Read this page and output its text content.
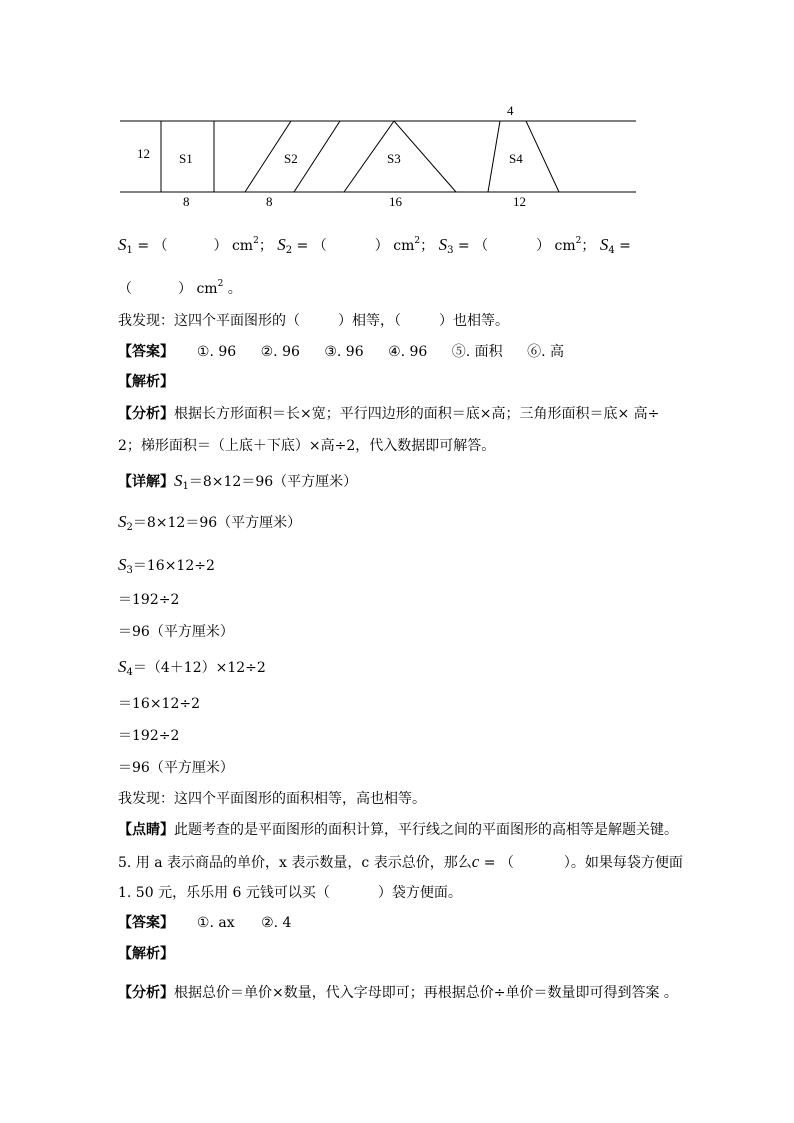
4
12 S1	S2	S3	S4
8	8	16	12
$S_1$ = （	） $cm^2$； $S_2$ = （	） $cm^2$； $S_3$ = （	） $cm^2$； $S_4$ =
（	） $cm^2$ 。
我发现：这四个平面图形的（	）相等，（	）也相等。
【答案】 ①. 96 ②. 96 ③. 96 ④. 96 ⑤. 面积 ⑥. 高
【解析】
【分析】根据长方形面积＝长×宽；平行四边形的面积＝底×高；三角形面积＝底× 高÷
2；梯形面积＝（上底＋下底）×高÷2，代入数据即可解答。
【详解】$S_1=8\times 12=96$（平方厘米）
$S_2=8\times 12=96$（平方厘米）
$S_3=16\times 12\div 2$
＝192÷2
＝96（平方厘米）
$S_4=(4+12)\times 12\div 2$
＝16×12÷2
＝192÷2
＝96（平方厘米）
我发现：这四个平面图形的面积相等，高也相等。
【点睛】此题考查的是平面图形的面积计算，平行线之间的平面图形的高相等是解题关键。
5. 用 a 表示商品的单价，x 表示数量，c 表示总价，那么c = （	）。如果每袋方便面
1. 50 元，乐乐用 6 元钱可以买（	）袋方便面。
【答案】 ①. ax ②. 4
【解析】
【分析】根据总价＝单价×数量，代入字母即可；再根据总价÷单价＝数量即可得到答案 。
